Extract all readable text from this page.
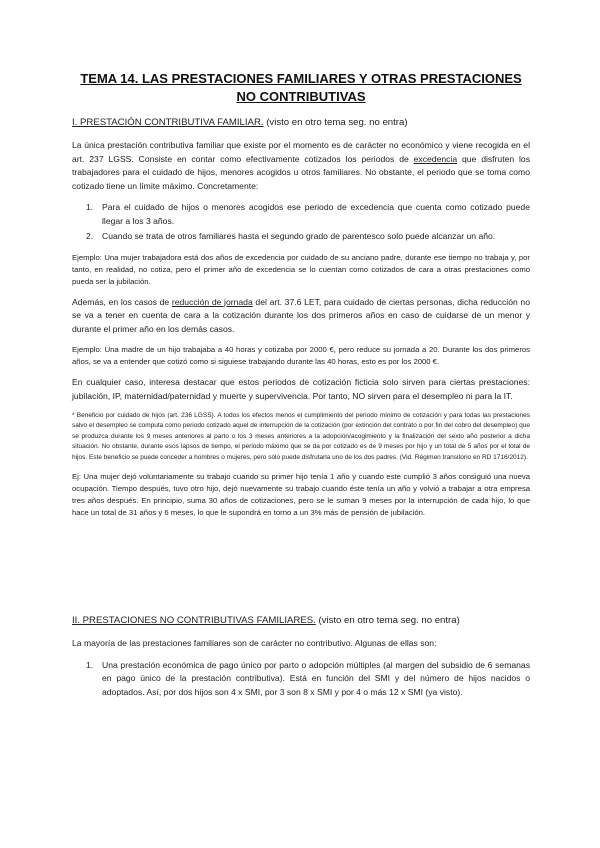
TEMA 14. LAS PRESTACIONES FAMILIARES Y OTRAS PRESTACIONES
NO CONTRIBUTIVAS
I. PRESTACIÓN CONTRIBUTIVA FAMILIAR. (visto en otro tema seg. no entra)

La única prestación contributiva familiar que existe por el momento es de carácter no económico y viene recogida en el art. 237 LGSS. Consiste en contar como efectivamente cotizados los periodos de excedencia que disfruten los trabajadores para el cuidado de hijos, menores acogidos u otros familiares. No obstante, el periodo que se toma como cotizado tiene un límite máximo. Concretamente:

1. Para el cuidado de hijos o menores acogidos ese periodo de excedencia que cuenta como cotizado puede llegar a los 3 años.
2. Cuando se trata de otros familiares hasta el segundo grado de parentesco solo puede alcanzar un año.

Ejemplo: Una mujer trabajadora está dos años de excedencia por cuidado de su anciano padre, durante ese tiempo no trabaja y, por tanto, en realidad, no cotiza, pero el primer año de excedencia se lo cuentan como cotizados de cara a otras prestaciones como pueda ser la jubilación.

Además, en los casos de reducción de jornada del art. 37.6 LET, para cuidado de ciertas personas, dicha reducción no se va a tener en cuenta de cara a la cotización durante los dos primeros años en caso de cuidarse de un menor y durante el primer año en los demás casos.

Ejemplo: Una madre de un hijo trabajaba a 40 horas y cotizaba por 2000 €, pero reduce su jornada a 20. Durante los dos primeros años, se va a entender que cotizó como si siguiese trabajando durante las 40 horas, esto es por los 2000 €.

En cualquier caso, interesa destacar que estos periodos de cotización ficticia solo sirven para ciertas prestaciones: jubilación, IP, maternidad/paternidad y muerte y supervivencia. Por tanto, NO sirven para el desempleo ni para la IT.

* Beneficio por cuidado de hijos (art. 236 LGSS). A todos los efectos menos el cumplimiento del periodo mínimo de cotización y para todas las prestaciones salvo el desempleo se computa como periodo cotizado aquel de interrupción de la cotización (por extinción del contrato o por fin del cobro del desempleo) que se produzca durante los 9 meses anteriores al parto o los 3 meses anteriores a la adopción/acogimiento y la finalización del sexto año posterior a dicha situación. No obstante, durante esos lapsos de tiempo, el periodo máximo que se da por cotizado es de 9 meses por hijo y un total de 5 años por el total de hijos. Este beneficio se puede conceder a hombres o mujeres, pero sólo puede disfrutarla uno de los dos padres. (Vid. Régimen transitorio en RD 1716/2012).

Ej: Una mujer dejó voluntariamente su trabajo cuando su primer hijo tenía 1 año y cuando este cumplió 3 años consiguió una nueva ocupación. Tiempo después, tuvo otro hijo, dejó nuevamente su trabajo cuando éste tenía un año y volvió a trabajar a otra empresa tres años después. En principio, suma 30 años de cotizaciones, pero se le suman 9 meses por la interrupción de cada hijo, lo que hace un total de 31 años y 6 meses, lo que le supondrá en torno a un 3% más de pensión de jubilación.

II. PRESTACIONES NO CONTRIBUTIVAS FAMILIARES. (visto en otro tema seg. no entra)

La mayoría de las prestaciones familiares son de carácter no contributivo. Algunas de ellas son:

1. Una prestación económica de pago único por parto o adopción múltiples (al margen del subsidio de 6 semanas en pago único de la prestación contributiva). Está en función del SMI y del número de hijos nacidos o adoptados. Así, por dos hijos son 4 x SMI, por 3 son 8 x SMI y por 4 o más 12 x SMI (ya visto).
